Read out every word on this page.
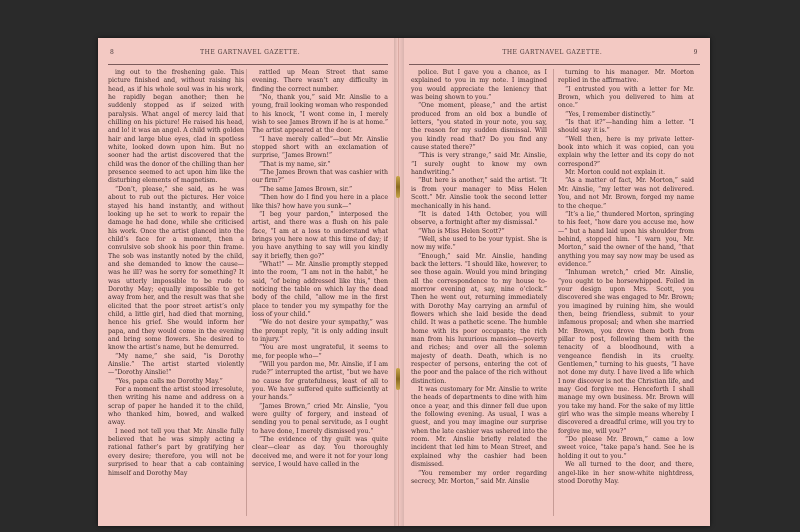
8	THE GARTNAVEL GAZETTE.

ing out to the freshening gale. This picture finished and, without raising his head, as if his whole soul was in his work, he rapidly began another; then he suddenly stopped as if seized with paralysis. What angel of mercy laid that chilling on his picture! He raised his head, and lo! it was an angel. A child with golden hair and large blue eyes, clad in spotless white, looked down upon him. But no sooner had the artist discovered that the child was the donor of the chilling than her presence seemed to act upon him like the disturbing elements of magnetism.

“Don’t, please,” she said, as he was about to rub out the pictures. Her voice stayed his hand instantly, and without looking up he set to work to repair the damage he had done, while she criticised his work. Once the artist glanced into the child’s face for a moment, then a convulsive sob shook his poor thin frame. The sob was instantly noted by the child, and she demanded to know the cause—was he ill? was he sorry for something? It was utterly impossible to be rude to Dorothy May; equally impossible to get away from her, and the result was that she elicited that the poor street artist’s only child, a little girl, had died that morning, hence his grief. She would inform her papa, and they would come in the evening and bring some flowers. She desired to know the artist’s name, but he demurred.

“My name,” she said, “is Dorothy Ainslie.” The artist started violently —“Dorothy Ainslie!”

“Yes, papa calls me Dorothy May.”

For a moment the artist stood irresolute, then writing his name and address on a scrap of paper he handed it to the child, who thanked him, bowed, and walked away.

I need not tell you that Mr. Ainslie fully believed that he was simply acting a rational father’s part by gratifying her every desire; therefore, you will not be surprised to hear that a cab containing himself and Dorothy May

rattled up Mean Street that same evening. There wasn’t any difficulty in finding the correct number.

“No, thank you,” said Mr. Ainslie to a young, frail looking woman who responded to his knock, “I wont come in, I merely wish to see James Brown if he is at home.” The artist appeared at the door.

“I have merely called”—but Mr. Ainslie stopped short with an exclamation of surprise, “James Brown!”

“That is my name, sir.”

“The James Brown that was cashier with our firm?”

“The same James Brown, sir.”

“Then how do I find you here in a place like this? how have you sunk—”

“I beg your pardon,” interposed the artist, and there was a flush on his pale face, “I am at a loss to understand what brings you here now at this time of day; if you have anything to say will you kindly say it briefly, then go?”

“What!” — Mr. Ainslie promptly stepped into the room, “I am not in the habit,” he said, “of being addressed like this,” then noticing the table on which lay the dead body of the child, “allow me in the first place to tender you my sympathy for the loss of your child.”

“We do not desire your sympathy,” was the prompt reply, “it is only adding insult to injury.”

“You are most ungrateful, it seems to me, for people who—”

“Will you pardon me, Mr. Ainslie, if I am rude?” interrupted the artist, “but we have no cause for gratefulness, least of all to you. We have suffered quite sufficiently at your hands.”

“James Brown,” cried Mr. Ainslie, “you were guilty of forgery, and instead of sending you to penal servitude, as I ought to have done, I merely dismissed you.”

“The evidence of thy guilt was quite clear—clear as day. You thoroughly deceived me, and were it not for your long service, I would have called in the

THE GARTNAVEL GAZETTE.	9

police. But I gave you a chance, as I explained to you in my note. I imagined you would appreciate the leniency that was being shown to you.”

“One moment, please,” and the artist produced from an old box a bundle of letters, “you stated in your note, you say, the reason for my sudden dismissal. Will you kindly read that? Do you find any cause stated there?”

“This is very strange,” said Mr. Ainslie, “I surely ought to know my own handwriting.”

“But here is another,” said the artist. “It is from your manager to Miss Helen Scott.” Mr. Ainslie took the second letter mechanically in his hand.

“It is dated 14th October, you will observe, a fortnight after my dismissal.”

“Who is Miss Helen Scott?”

“Well, she used to be your typist. She is now my wife.”

“Enough,” said Mr. Ainslie, handing back the letters. “I should like, however, to see those again. Would you mind bringing all the correspondence to my house to-morrow evening at, say, nine o’clock.” Then he went out, returning immediately with Dorothy May carrying an armful of flowers which she laid beside the dead child. It was a pathetic scene. The humble home with its poor occupants; the rich man from his luxurious mansion—poverty and riches; and over all the solemn majesty of death. Death, which is no respecter of persons, entering the cot of the poor and the palace of the rich without distinction.

It was customary for Mr. Ainslie to write the heads of departments to dine with him once a year, and this dinner fell due upon the following evening. As usual, I was a guest, and you may imagine our surprise when the late cashier was ushered into the room. Mr. Ainslie briefly related the incident that led him to Mean Street, and explained why the cashier had been dismissed.

“You remember my order regarding secrecy, Mr. Morton,” said Mr. Ainslie

turning to his manager. Mr. Morton replied in the affirmative.

“I entrusted you with a letter for Mr. Brown, which you delivered to him at once.”

“Yes, I remember distinctly.”

“Is that it?”—handing him a letter. “I should say it is.”

“Well then, here is my private letter-book into which it was copied, can you explain why the letter and its copy do not correspond?”

Mr. Morton could not explain it.

“As a matter of fact, Mr. Morton,” said Mr. Ainslie, “my letter was not delivered. You, and not Mr. Brown, forged my name to the cheque.”

“It’s a lie,” thundered Morton, springing to his feet, “how dare you accuse me, how—” but a hand laid upon his shoulder from behind, stopped him. “I warn you, Mr. Morton,” said the owner of the hand, “that anything you may say now may be used as evidence.”

“Inhuman wretch,” cried Mr. Ainslie, “you ought to be horsewhipped. Foiled in your design upon Mrs. Scott, you discovered she was engaged to Mr. Brown; you imagined by ruining him, she would then, being friendless, submit to your infamous proposal; and when she married Mr. Brown, you drove them both from pillar to post, following them with the tenacity of a bloodhound, with a vengeance fiendish in its cruelty. Gentlemen,” turning to his guests, “I have not done my duty. I have lived a life which I now discover is not the Christian life, and may God forgive me. Henceforth I shall manage my own business. Mr. Brown will you take my hand. For the sake of my little girl who was the simple means whereby I discovered a dreadful crime, will you try to forgive me, will you?”

“Do please Mr. Brown,” came a low sweet voice, “take papa’s hand. See he is holding it out to you.”

We all turned to the door, and there, angel-like in her snow-white nightdress, stood Dorothy May.
